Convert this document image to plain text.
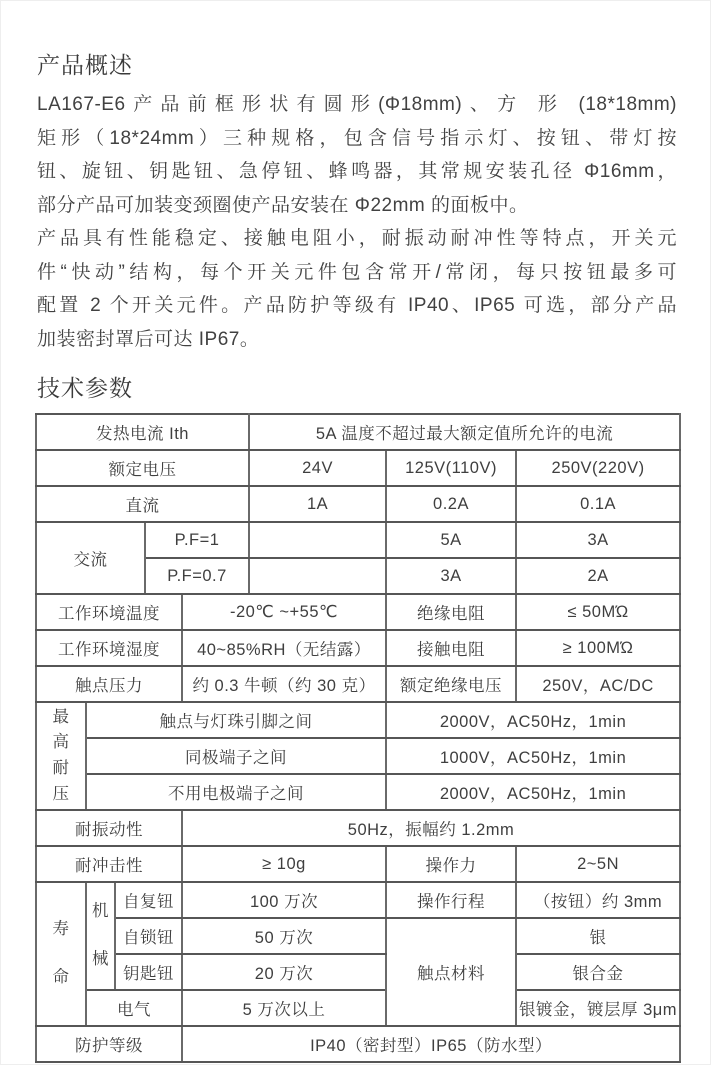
产品概述
LA167-E6产品前框形状有圆形(Φ18mm)、方 形 (18*18mm)
矩形（18*24mm）三种规格，包含信号指示灯、按钮、带灯按
钮、旋钮、钥匙钮、急停钮、蜂鸣器，其常规安装孔径 Φ16mm，
部分产品可加装变颈圈使产品安装在 Φ22mm 的面板中。
产品具有性能稳定、接触电阻小，耐振动耐冲性等特点，开关元
件“快动”结构，每个开关元件包含常开/常闭，每只按钮最多可
配置 2 个开关元件。产品防护等级有 IP40、IP65 可选，部分产品
加装密封罩后可达 IP67。
技术参数
发热电流 Ith					5A 温度不超过最大额定值所允许的电流		
额定电压					24V	125V(110V)	250V(220V)
直流					1A	0.2A	0.1A
交流			P.F=1			5A	3A
			P.F=0.7			3A	2A
工作环境温度				-20℃ ~+55℃		绝缘电阻	≤ 50MΏ
工作环境湿度				40~85%RH（无结露）		接触电阻	≥ 100MΏ
触点压力				约 0.3 牛顿（约 30 克）		额定绝缘电压	250V，AC/DC
最高耐压	触点与灯珠引脚之间					2000V，AC50Hz，1min	
	同极端子之间					1000V，AC50Hz，1min	
	不用电极端子之间					2000V，AC50Hz，1min	
耐振动性				50Hz，振幅约 1.2mm			
耐冲击性				≥ 10g		操作力	2~5N
寿命	机械	自复钮		100 万次		操作行程	（按钮）约 3mm
		自锁钮		50 万次		触点材料	银
		钥匙钮		20 万次			银合金
	电气			5 万次以上			银镀金，镀层厚 3μm
防护等级				IP40（密封型）IP65（防水型）			
